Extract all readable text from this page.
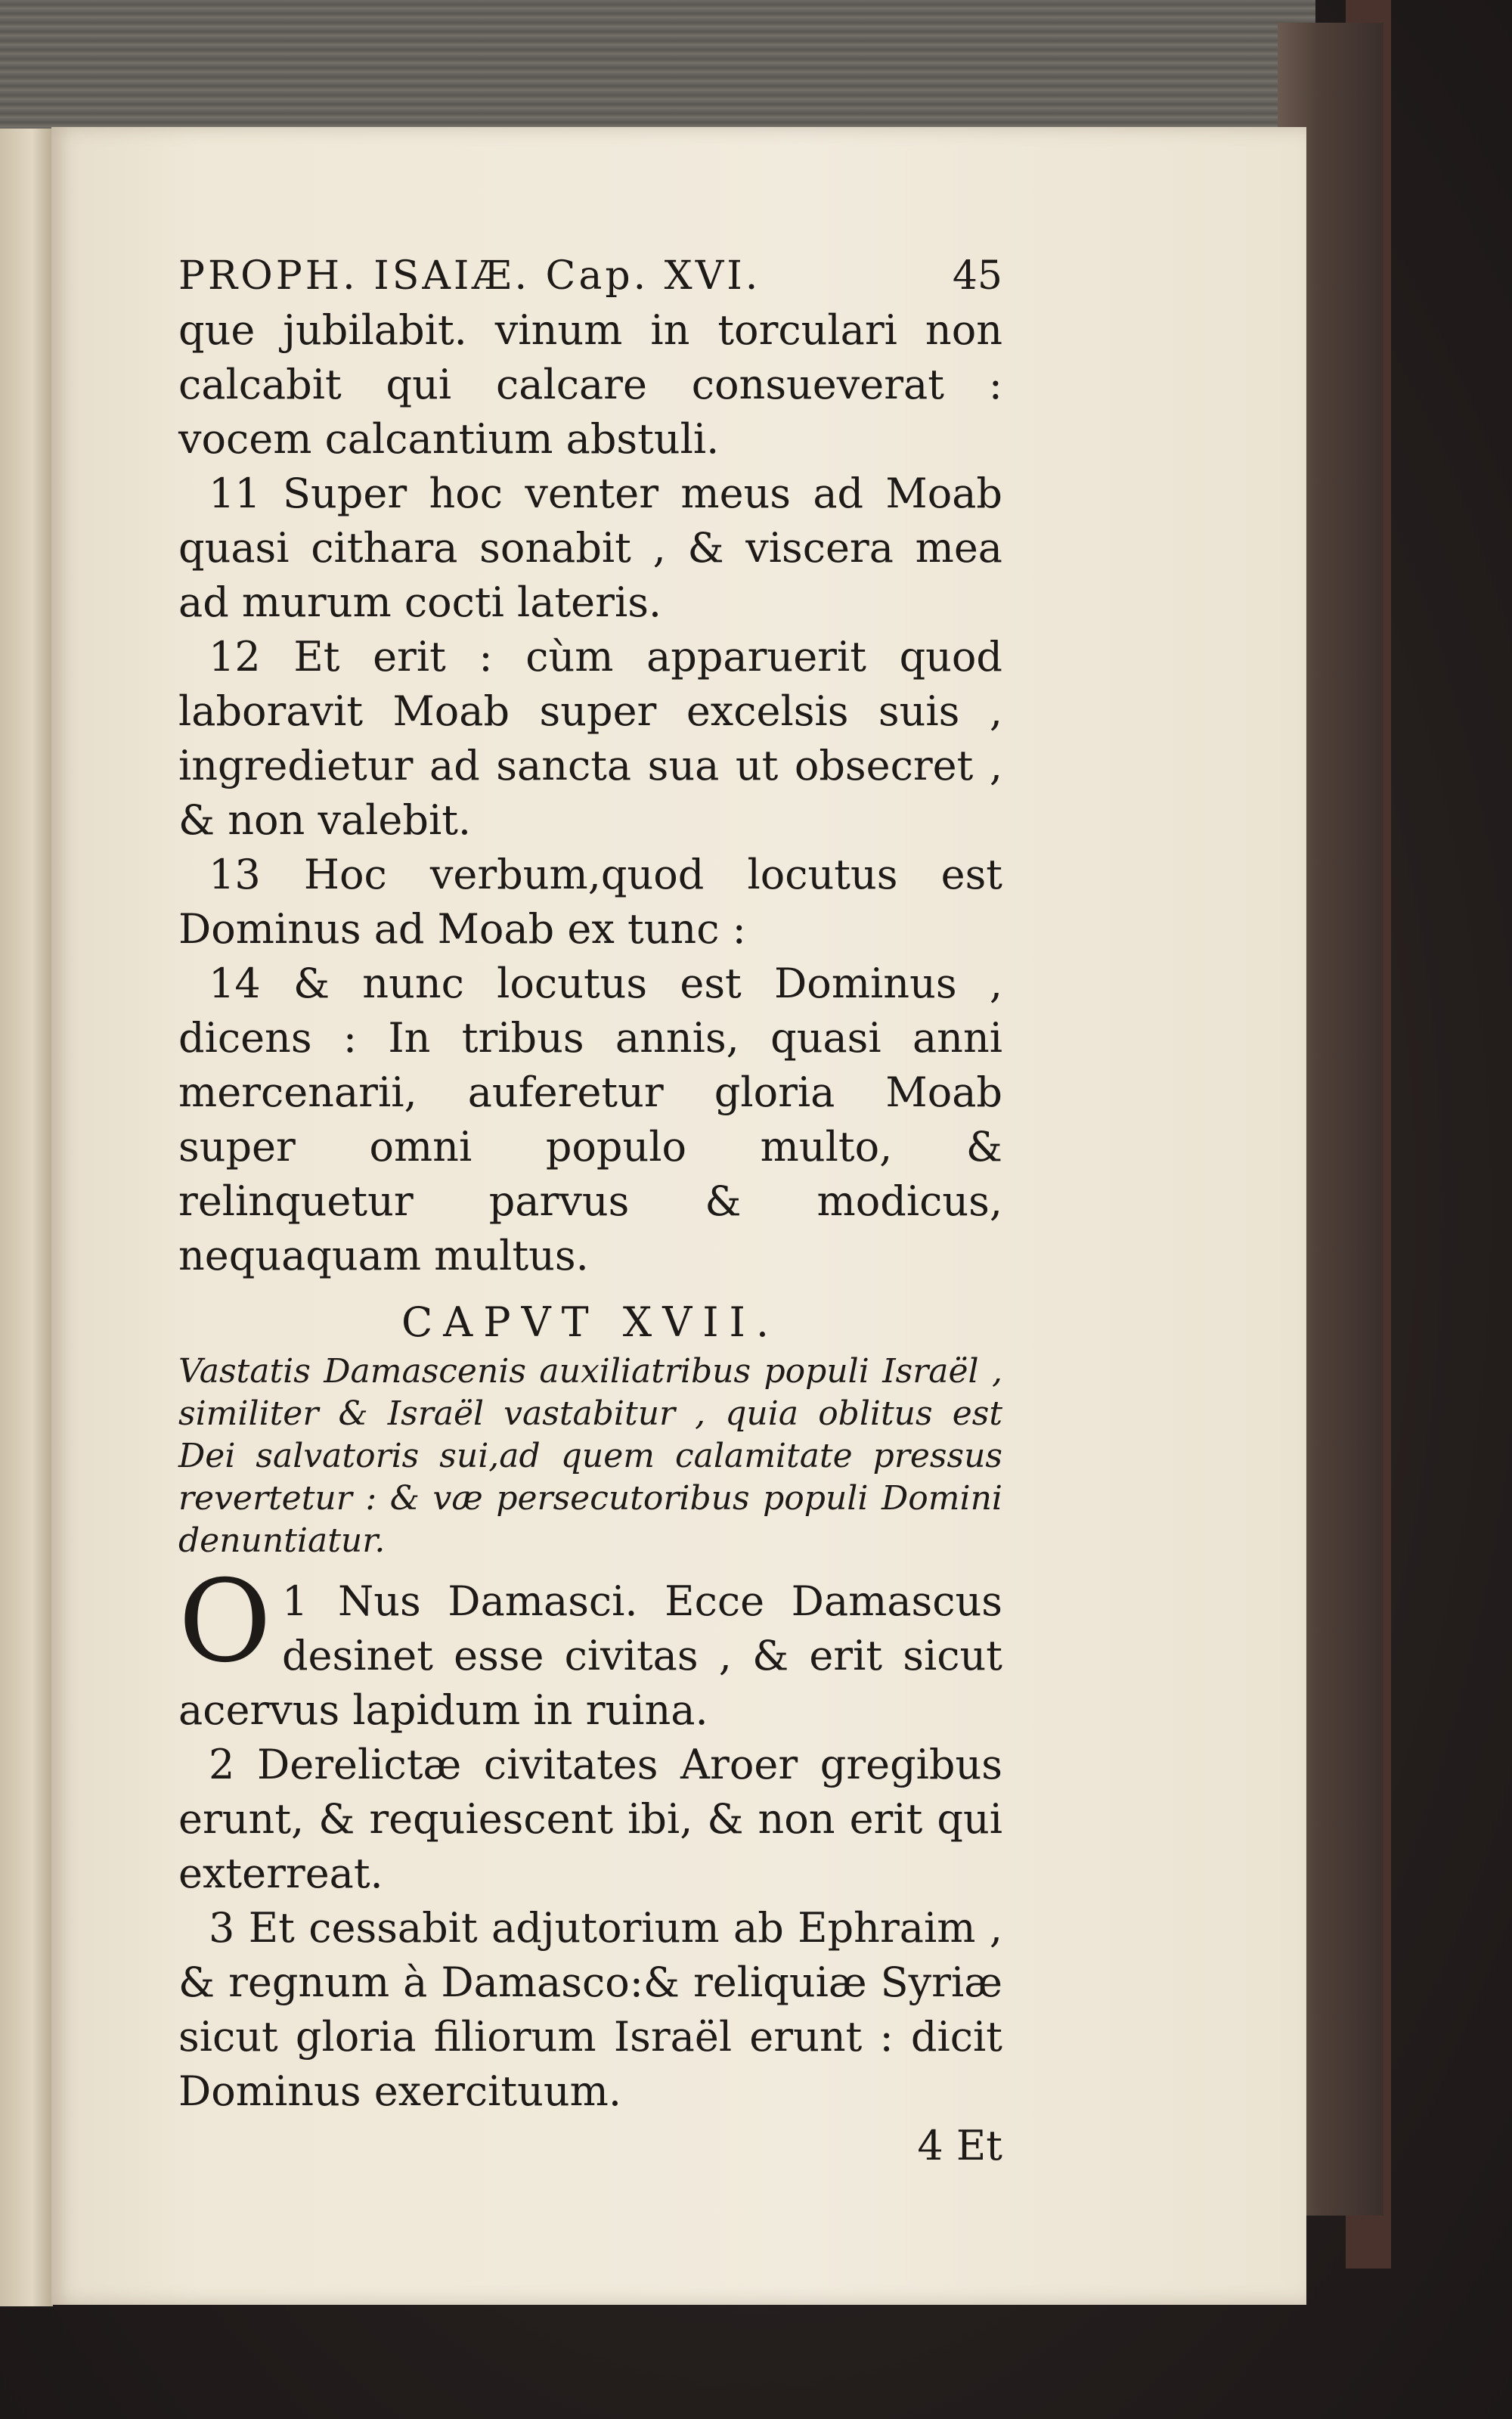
PROPH. ISAIÆ. Cap. XVI.	45

que jubilabit. vinum in torculari non calcabit qui calcare consueverat : vocem calcantium abstuli.

11 Super hoc venter meus ad Moab quasi cithara sonabit , & viscera mea ad murum cocti lateris.

12 Et erit : cùm apparuerit quod laboravit Moab super excelsis suis , ingredietur ad sancta sua ut obsecret , & non valebit.

13 Hoc verbum,quod locutus est Dominus ad Moab ex tunc :

14 & nunc locutus est Dominus , dicens : In tribus annis, quasi anni mercenarii, auferetur gloria Moab super omni populo multo, & relinquetur parvus & modicus, nequaquam multus.

CAPVT XVII.

Vastatis Damascenis auxiliatribus populi Israël , similiter & Israël vastabitur , quia oblitus est Dei salvatoris sui,ad quem calamitate pressus revertetur : & væ persecutoribus populi Domini denuntiatur.

1
O Nus Damasci. Ecce Damascus desinet esse civitas , & erit sicut acervus lapidum in ruina.

2 Derelictæ civitates Aroer gregibus erunt, & requiescent ibi, & non erit qui exterreat.

3 Et cessabit adjutorium ab Ephraim , & regnum à Damasco:& reliquiæ Syriæ sicut gloria filiorum Israël erunt : dicit Dominus exercituum.

4 Et
